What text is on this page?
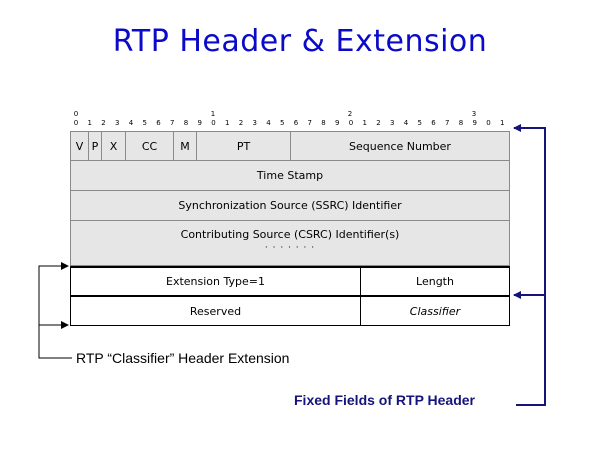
RTP Header & Extension
0	1	2	3
0 1 2 3 4 5 6 7 8 9 0 1 2 3 4 5 6 7 8 9 0 1 2 3 4 5 6 7 8 9 0 1
V P X	CC	M	PT	Sequence Number
Time Stamp
Synchronization Source (SSRC) Identifier
Contributing Source (CSRC) Identifier(s)
· · · · · · ·
Extension Type=1	Length
Reserved	Classifier
RTP “Classifier” Header Extension
Fixed Fields of RTP Header
